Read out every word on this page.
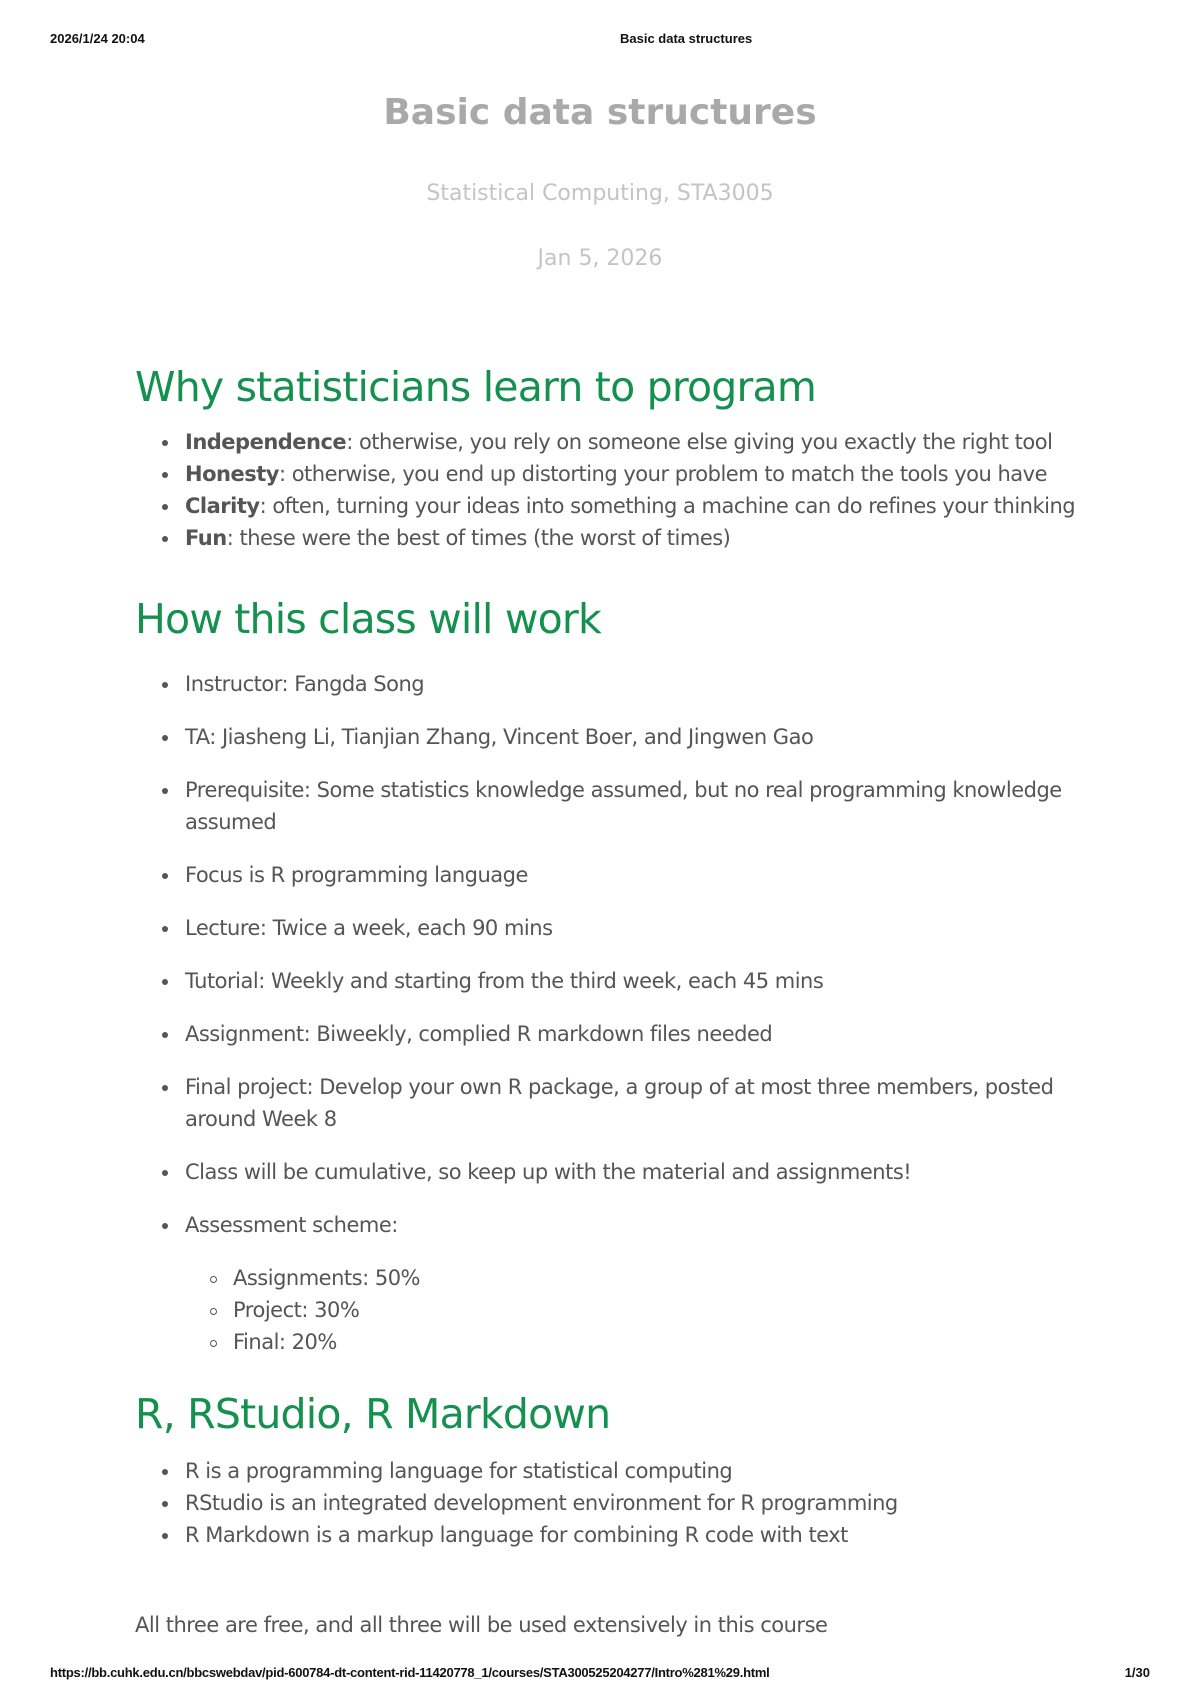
2026/1/24 20:04	Basic data structures
Basic data structures
Statistical Computing, STA3005
Jan 5, 2026
Why statisticians learn to program
Independence: otherwise, you rely on someone else giving you exactly the right tool
Honesty: otherwise, you end up distorting your problem to match the tools you have
Clarity: often, turning your ideas into something a machine can do refines your thinking
Fun: these were the best of times (the worst of times)
How this class will work
Instructor: Fangda Song
TA: Jiasheng Li, Tianjian Zhang, Vincent Boer, and Jingwen Gao
Prerequisite: Some statistics knowledge assumed, but no real programming knowledge assumed
Focus is R programming language
Lecture: Twice a week, each 90 mins
Tutorial: Weekly and starting from the third week, each 45 mins
Assignment: Biweekly, complied R markdown files needed
Final project: Develop your own R package, a group of at most three members, posted around Week 8
Class will be cumulative, so keep up with the material and assignments!
Assessment scheme:
Assignments: 50%
Project: 30%
Final: 20%
R, RStudio, R Markdown
R is a programming language for statistical computing
RStudio is an integrated development environment for R programming
R Markdown is a markup language for combining R code with text

All three are free, and all three will be used extensively in this course

https://bb.cuhk.edu.cn/bbcswebdav/pid-600784-dt-content-rid-11420778_1/courses/STA300525204277/Intro%281%29.html	1/30
